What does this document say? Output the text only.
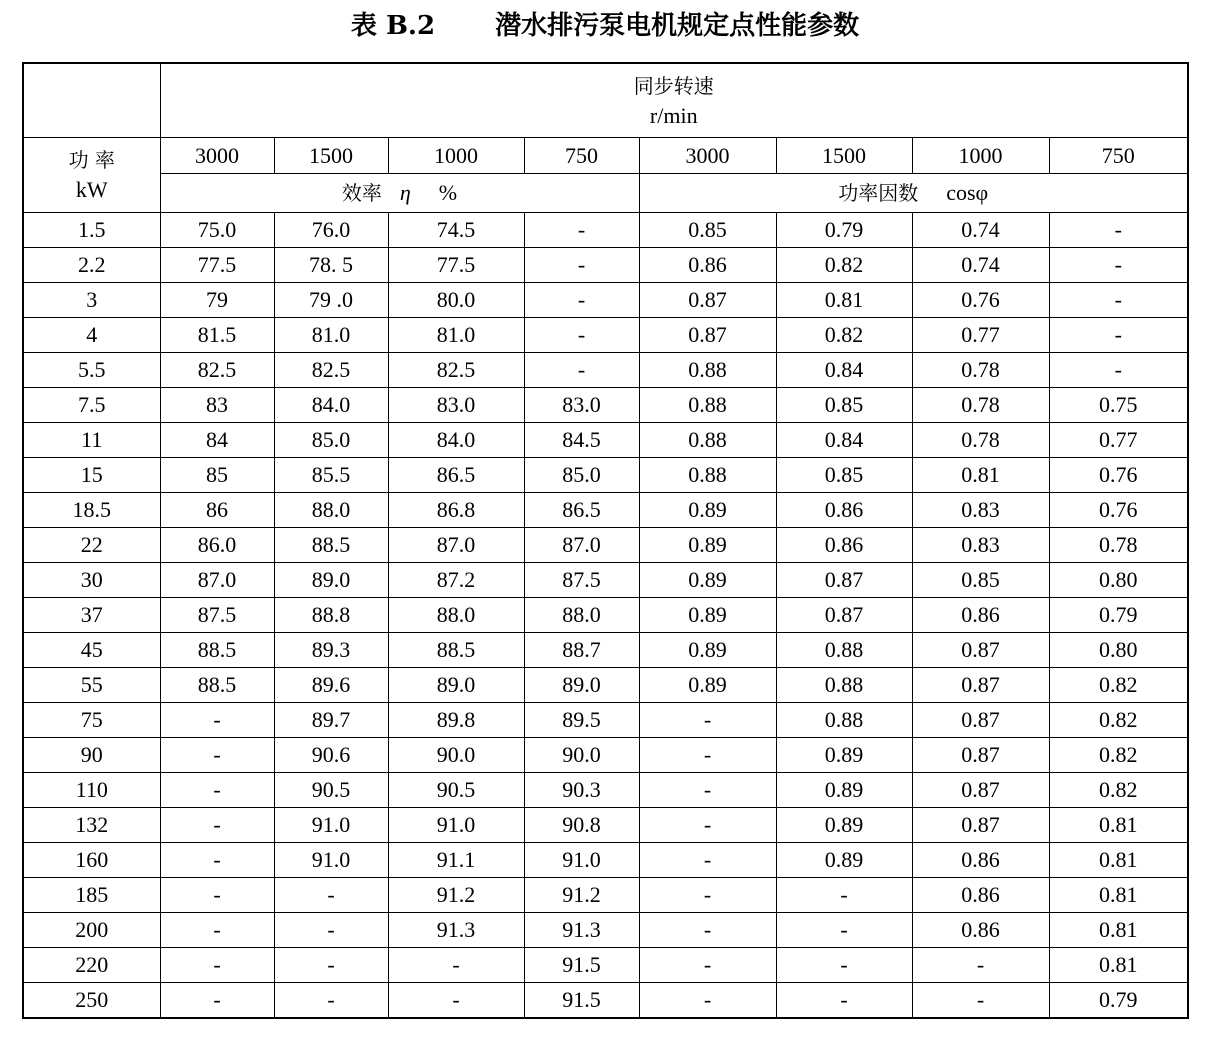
表 B.2 潜水排污泵电机规定点性能参数

	同步转速
r/min							

功 率
kW	3000	1500	1000	750	3000	1500	1000	750
	效率 η %				功率因数 cosφ			
1.5	75.0	76.0	74.5	-	0.85	0.79	0.74	-
2.2	77.5	78. 5	77.5	-	0.86	0.82	0.74	-
3	79	79 .0	80.0	-	0.87	0.81	0.76	-
4	81.5	81.0	81.0	-	0.87	0.82	0.77	-
5.5	82.5	82.5	82.5	-	0.88	0.84	0.78	-
7.5	83	84.0	83.0	83.0	0.88	0.85	0.78	0.75
11	84	85.0	84.0	84.5	0.88	0.84	0.78	0.77
15	85	85.5	86.5	85.0	0.88	0.85	0.81	0.76
18.5	86	88.0	86.8	86.5	0.89	0.86	0.83	0.76
22	86.0	88.5	87.0	87.0	0.89	0.86	0.83	0.78
30	87.0	89.0	87.2	87.5	0.89	0.87	0.85	0.80
37	87.5	88.8	88.0	88.0	0.89	0.87	0.86	0.79
45	88.5	89.3	88.5	88.7	0.89	0.88	0.87	0.80
55	88.5	89.6	89.0	89.0	0.89	0.88	0.87	0.82
75	-	89.7	89.8	89.5	-	0.88	0.87	0.82
90	-	90.6	90.0	90.0	-	0.89	0.87	0.82
110	-	90.5	90.5	90.3	-	0.89	0.87	0.82
132	-	91.0	91.0	90.8	-	0.89	0.87	0.81
160	-	91.0	91.1	91.0	-	0.89	0.86	0.81
185	-	-	91.2	91.2	-	-	0.86	0.81
200	-	-	91.3	91.3	-	-	0.86	0.81
220	-	-	-	91.5	-	-	-	0.81
250	-	-	-	91.5	-	-	-	0.79
